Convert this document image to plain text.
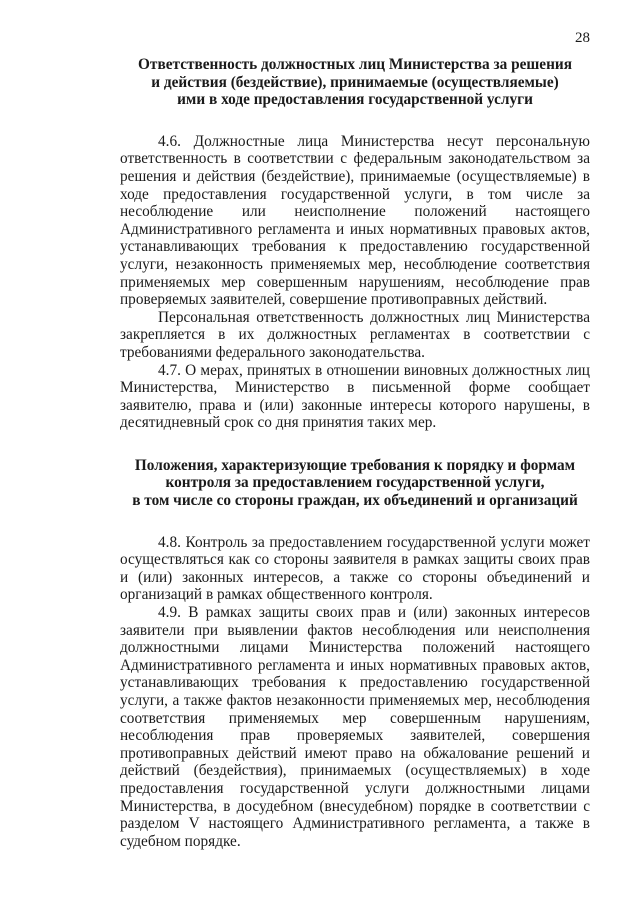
28
Ответственность должностных лиц Министерства за решения
и действия (бездействие), принимаемые (осуществляемые)
ими в ходе предоставления государственной услуги

4.6. Должностные лица Министерства несут персональную ответственность в соответствии с федеральным законодательством за решения и действия (бездействие), принимаемые (осуществляемые) в ходе предоставления государственной услуги, в том числе за несоблюдение или неисполнение положений настоящего Административного регламента и иных нормативных правовых актов, устанавливающих требования к предоставлению государственной услуги, незаконность применяемых мер, несоблюдение соответствия применяемых мер совершенным нарушениям, несоблюдение прав проверяемых заявителей, совершение противоправных действий.

Персональная ответственность должностных лиц Министерства закрепляется в их должностных регламентах в соответствии с требованиями федерального законодательства.

4.7. О мерах, принятых в отношении виновных должностных лиц Министерства, Министерство в письменной форме сообщает заявителю, права и (или) законные интересы которого нарушены, в десятидневный срок со дня принятия таких мер.

Положения, характеризующие требования к порядку и формам
контроля за предоставлением государственной услуги,
в том числе со стороны граждан, их объединений и организаций

4.8. Контроль за предоставлением государственной услуги может осуществляться как со стороны заявителя в рамках защиты своих прав и (или) законных интересов, а также со стороны объединений и организаций в рамках общественного контроля.

4.9. В рамках защиты своих прав и (или) законных интересов заявители при выявлении фактов несоблюдения или неисполнения должностными лицами Министерства положений настоящего Административного регламента и иных нормативных правовых актов, устанавливающих требования к предоставлению государственной услуги, а также фактов незаконности применяемых мер, несоблюдения соответствия применяемых мер совершенным нарушениям, несоблюдения прав проверяемых заявителей, совершения противоправных действий имеют право на обжалование решений и действий (бездействия), принимаемых (осуществляемых) в ходе предоставления государственной услуги должностными лицами Министерства, в досудебном (внесудебном) порядке в соответствии с разделом V настоящего Административного регламента, а также в судебном порядке.
